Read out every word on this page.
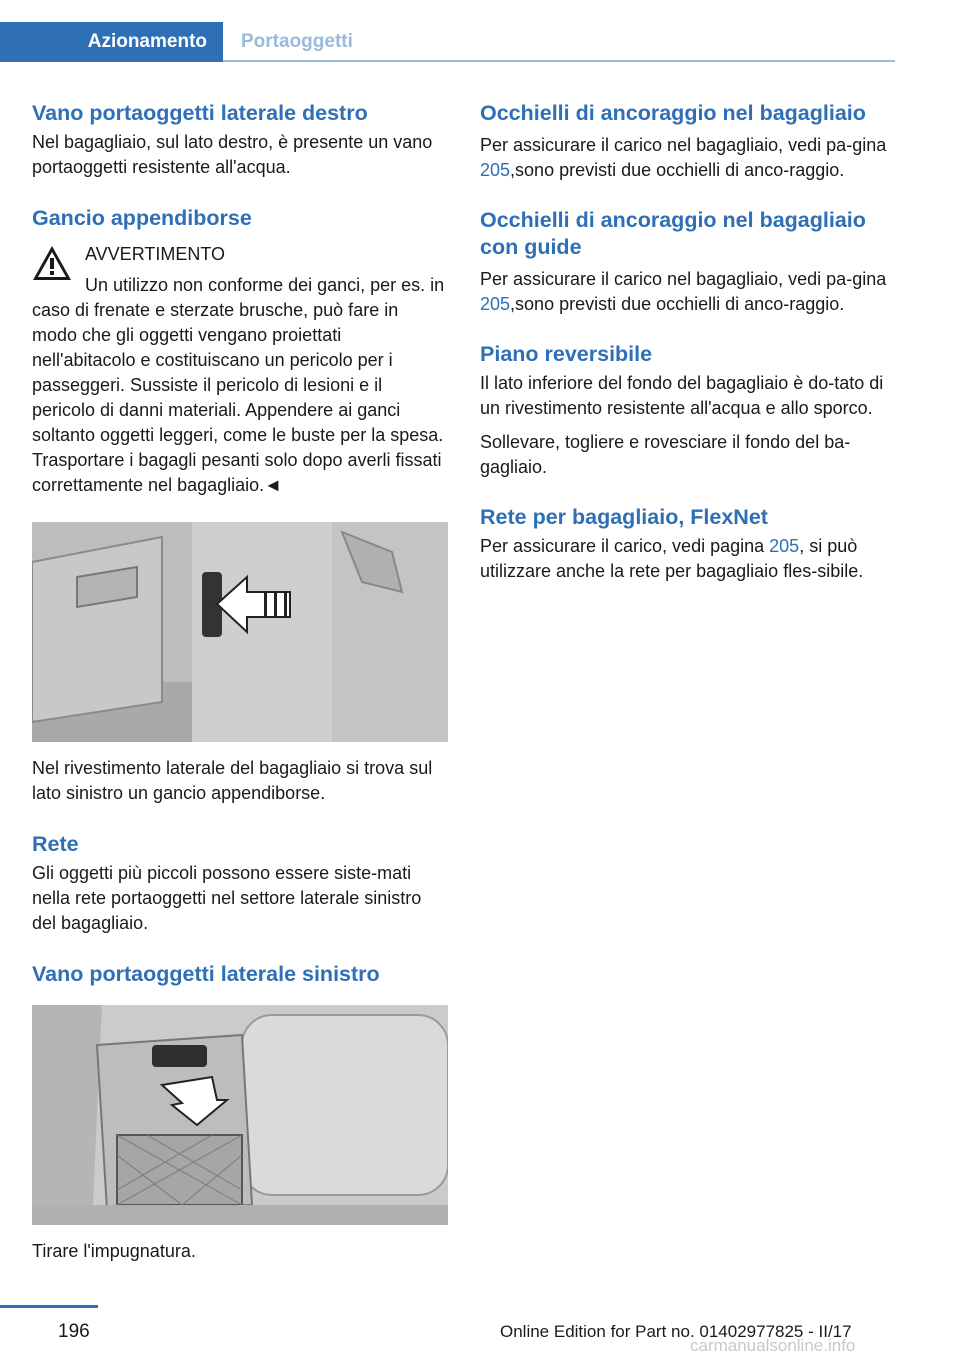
Azionamento	Portaoggetti
Vano portaoggetti laterale destro

Nel bagagliaio, sul lato destro, è presente un vano portaoggetti resistente all'acqua.

Gancio appendiborse

AVVERTIMENTO

Un utilizzo non conforme dei ganci, per es. in caso di frenate e sterzate brusche, può fare in modo che gli oggetti vengano proiettati nell'abitacolo e costituiscano un pericolo per i passeggeri. Sussiste il pericolo di lesioni e il pericolo di danni materiali. Appendere ai ganci soltanto oggetti leggeri, come le buste per la spesa. Trasportare i bagagli pesanti solo dopo averli fissati correttamente nel bagagliaio.◄

Nel rivestimento laterale del bagagliaio si trova sul lato sinistro un gancio appendiborse.

Rete

Gli oggetti più piccoli possono essere siste-mati nella rete portaoggetti nel settore laterale sinistro del bagagliaio.

Vano portaoggetti laterale sinistro

Tirare l'impugnatura.

Occhielli di ancoraggio nel bagagliaio

Per assicurare il carico nel bagagliaio, vedi pa-gina 205,sono previsti due occhielli di anco-raggio.

Occhielli di ancoraggio nel bagagliaio con guide

Per assicurare il carico nel bagagliaio, vedi pa-gina 205,sono previsti due occhielli di anco-raggio.

Piano reversibile

Il lato inferiore del fondo del bagagliaio è do-tato di un rivestimento resistente all'acqua e allo sporco.

Sollevare, togliere e rovesciare il fondo del ba-gagliaio.

Rete per bagagliaio, FlexNet

Per assicurare il carico, vedi pagina 205, si può utilizzare anche la rete per bagagliaio fles-sibile.

196	Online Edition for Part no. 01402977825 - II/17
carmanualsonline.info
